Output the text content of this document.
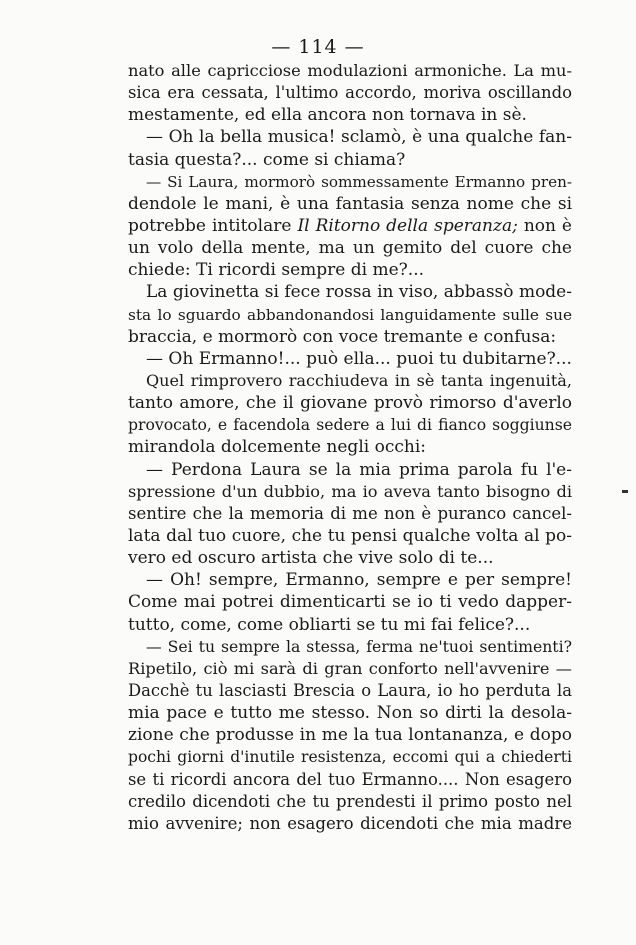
— 114 —
nato alle capricciose modulazioni armoniche. La mu-
sica era cessata, l'ultimo accordo, moriva oscillando
mestamente, ed ella ancora non tornava in sè.
— Oh la bella musica! sclamò, è una qualche fan-
tasia questa?... come si chiama?
— Si Laura, mormorò sommessamente Ermanno pren-
dendole le mani, è una fantasia senza nome che si
potrebbe intitolare Il Ritorno della speranza; non è
un volo della mente, ma un gemito del cuore che
chiede: Ti ricordi sempre di me?...
La giovinetta si fece rossa in viso, abbassò mode-
sta lo sguardo abbandonandosi languidamente sulle sue
braccia, e mormorò con voce tremante e confusa:
— Oh Ermanno!... può ella... puoi tu dubitarne?...
Quel rimprovero racchiudeva in sè tanta ingenuità,
tanto amore, che il giovane provò rimorso d'averlo
provocato, e facendola sedere a lui di fianco soggiunse
mirandola dolcemente negli occhi:
— Perdona Laura se la mia prima parola fu l'e-
spressione d'un dubbio, ma io aveva tanto bisogno di
sentire che la memoria di me non è puranco cancel-
lata dal tuo cuore, che tu pensi qualche volta al po-
vero ed oscuro artista che vive solo di te...
— Oh! sempre, Ermanno, sempre e per sempre!
Come mai potrei dimenticarti se io ti vedo dapper-
tutto, come, come obliarti se tu mi fai felice?...
— Sei tu sempre la stessa, ferma ne'tuoi sentimenti?
Ripetilo, ciò mi sarà di gran conforto nell'avvenire —
Dacchè tu lasciasti Brescia o Laura, io ho perduta la
mia pace e tutto me stesso. Non so dirti la desola-
zione che produsse in me la tua lontananza, e dopo
pochi giorni d'inutile resistenza, eccomi qui a chiederti
se ti ricordi ancora del tuo Ermanno.... Non esagero
credilo dicendoti che tu prendesti il primo posto nel
mio avvenire; non esagero dicendoti che mia madre
